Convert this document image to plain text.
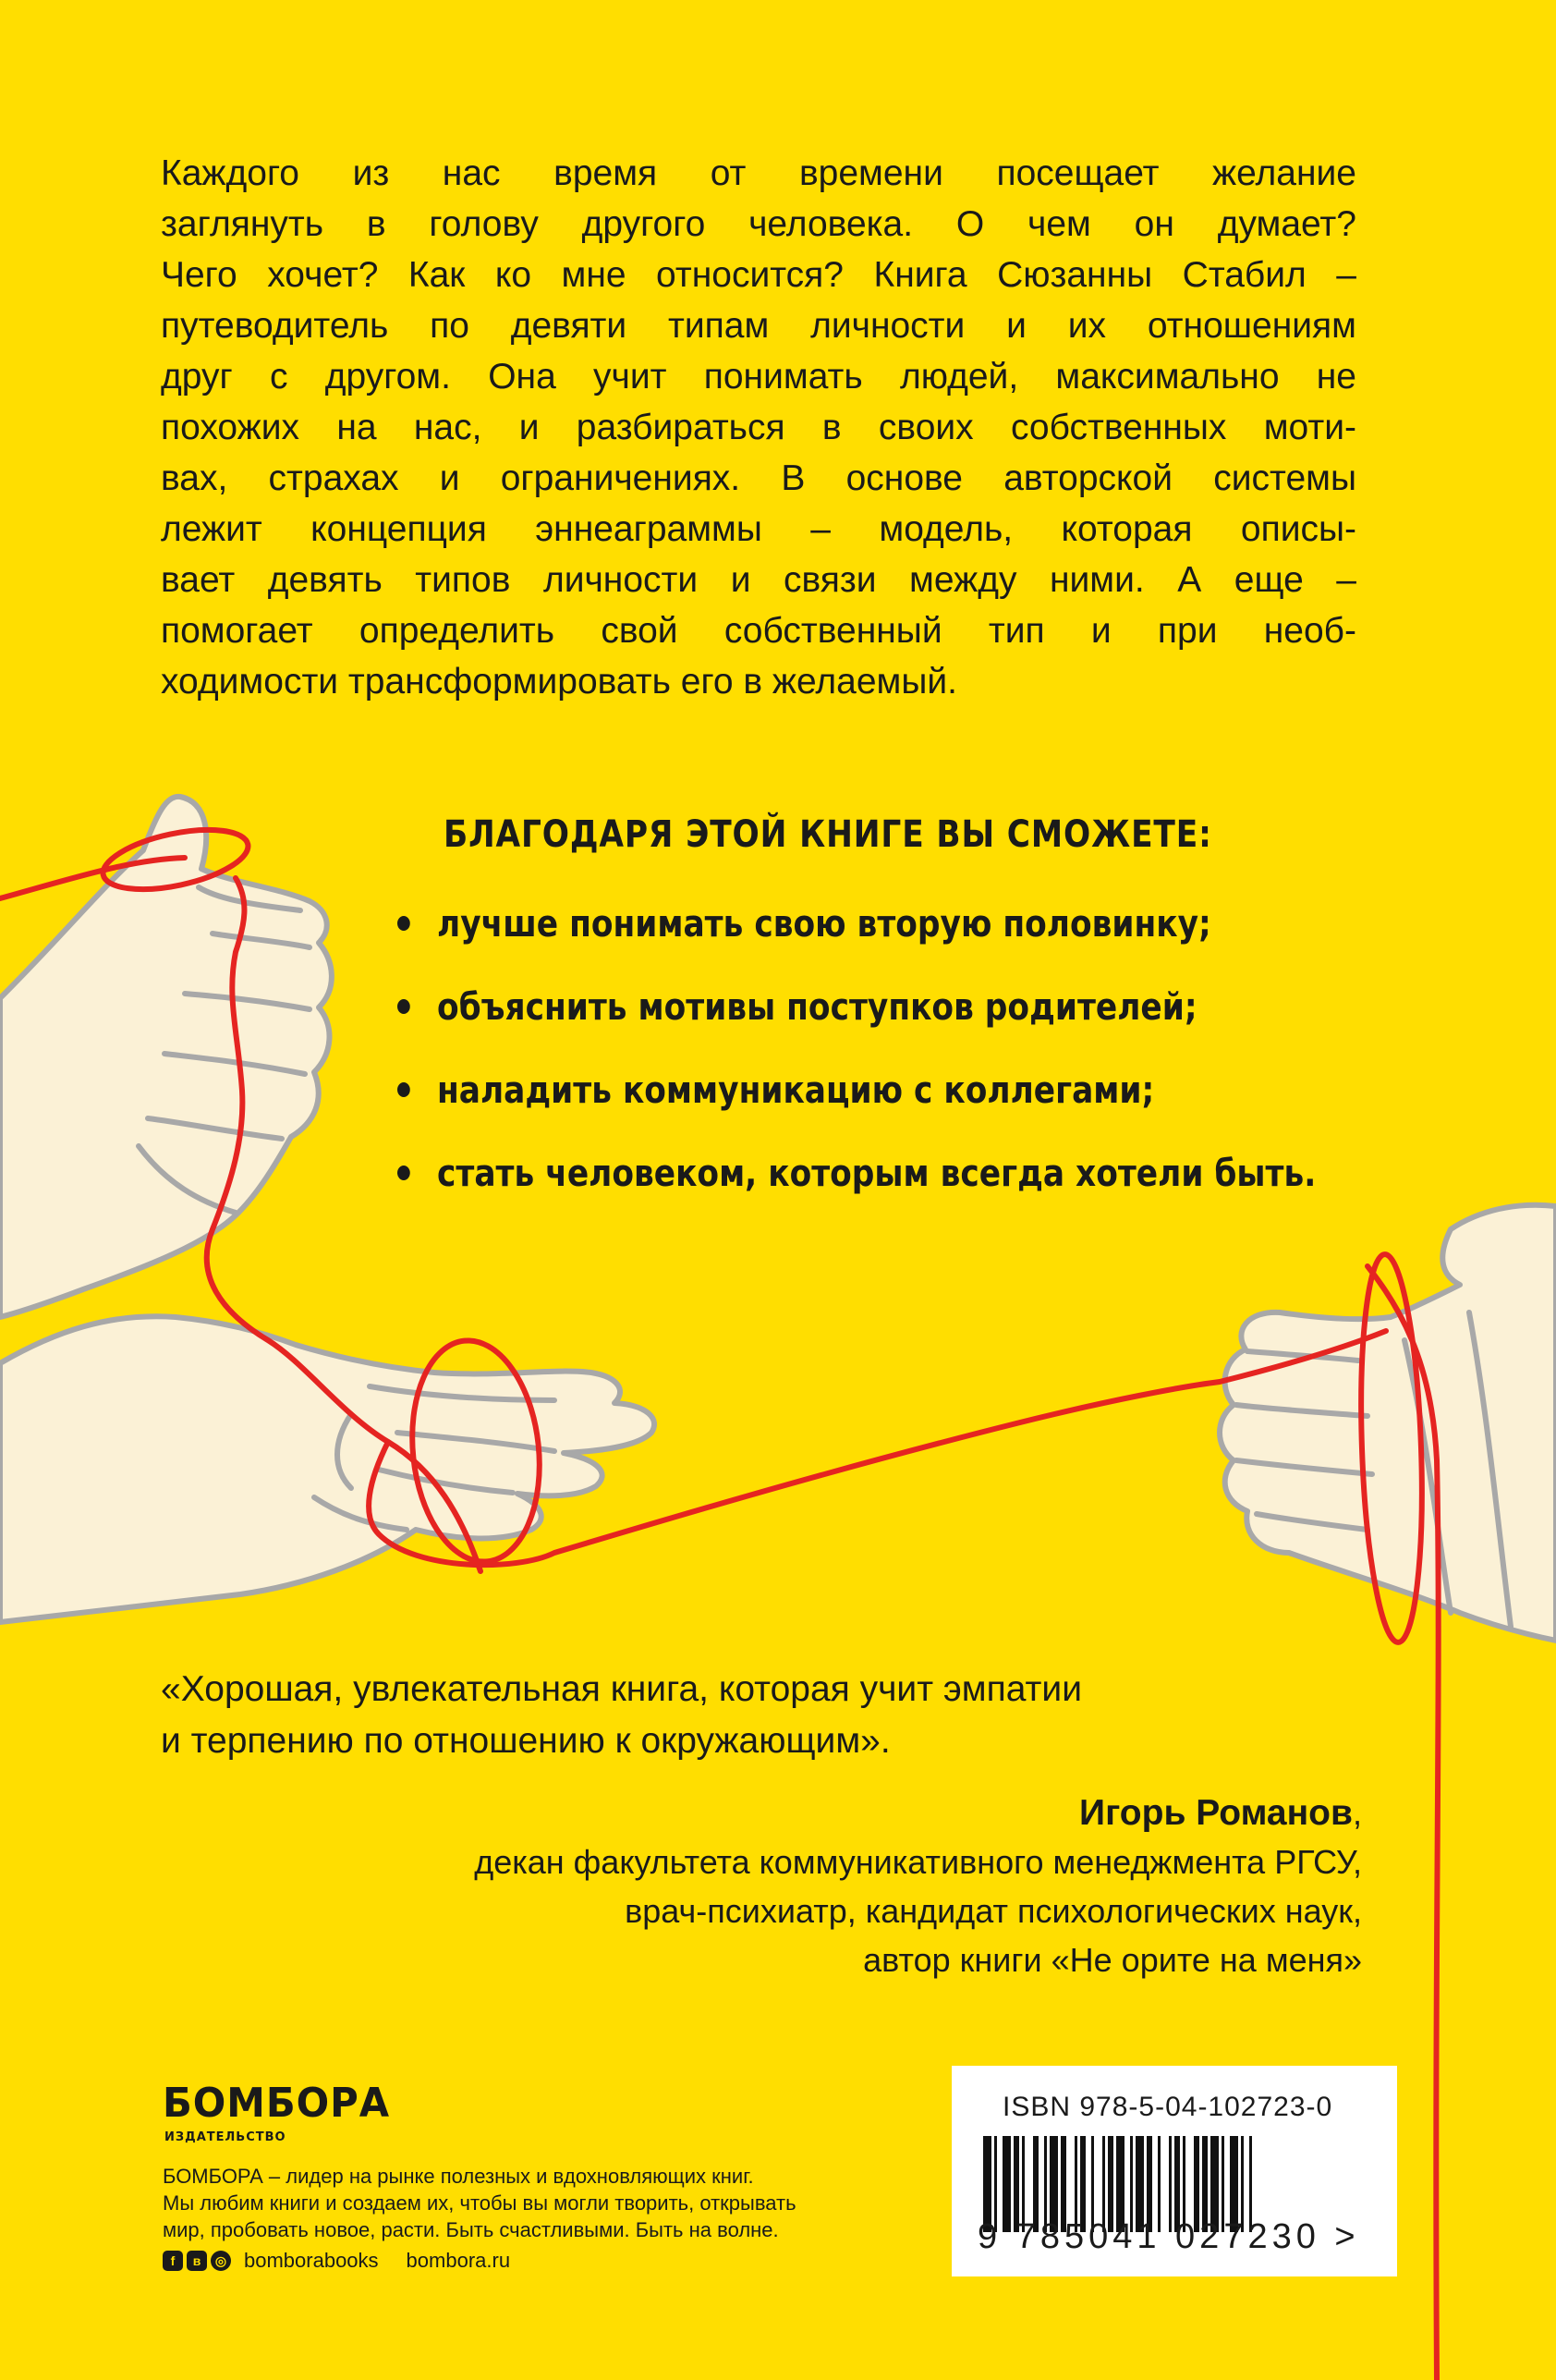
Каждого из нас время от времени посещает желание
заглянуть в голову другого человека. О чем он думает?
Чего хочет? Как ко мне относится? Книга Сюзанны Стабил –
путеводитель по девяти типам личности и их отношениям
друг с другом. Она учит понимать людей, максимально не
похожих на нас, и разбираться в своих собственных моти-
вах, страхах и ограничениях. В основе авторской системы
лежит концепция эннеаграммы – модель, которая описы-
вает девять типов личности и связи между ними. А еще –
помогает определить свой собственный тип и при необ-
ходимости трансформировать его в желаемый.

БЛАГОДАРЯ ЭТОЙ КНИГЕ ВЫ СМОЖЕТЕ:
лучше понимать свою вторую половинку;
объяснить мотивы поступков родителей;
наладить коммуникацию с коллегами;
стать человеком, которым всегда хотели быть.

«Хорошая, увлекательная книга, которая учит эмпатии
и терпению по отношению к окружающим».

Игорь Романов,
декан факультета коммуникативного менеджмента РГСУ,
врач-психиатр, кандидат психологических наук,
автор книги «Не орите на меня»

БОМБОРА
ИЗДАТЕЛЬСТВО

БОМБОРА – лидер на рынке полезных и вдохновляющих книг.
Мы любим книги и создаем их, чтобы вы могли творить, открывать
мир, пробовать новое, расти. Быть счастливыми. Быть на волне.

f	в	◎ bomborabooks bombora.ru
ISBN 978-5-04-102723-0
9 785041 027230 >
